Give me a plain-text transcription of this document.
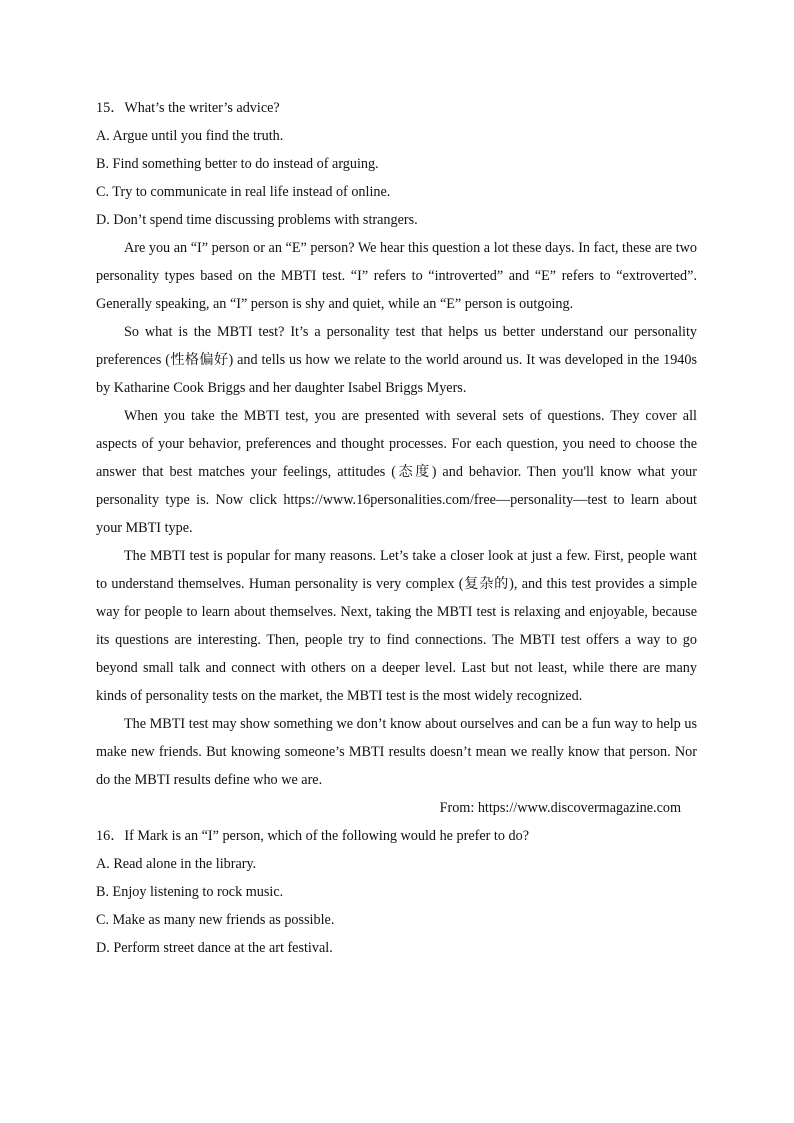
15．What’s the writer’s advice?
A. Argue until you find the truth.
B. Find something better to do instead of arguing.
C. Try to communicate in real life instead of online.
D. Don’t spend time discussing problems with strangers.

Are you an “I” person or an “E” person? We hear this question a lot these days. In fact, these are two personality types based on the MBTI test. “I” refers to “introverted” and “E” refers to “extroverted”. Generally speaking, an “I” person is shy and quiet, while an “E” person is outgoing.

So what is the MBTI test? It’s a personality test that helps us better understand our personality preferences (性格偏好) and tells us how we relate to the world around us. It was developed in the 1940s by Katharine Cook Briggs and her daughter Isabel Briggs Myers.

When you take the MBTI test, you are presented with several sets of questions. They cover all aspects of your behavior, preferences and thought processes. For each question, you need to choose the answer that best matches your feelings, attitudes (态度) and behavior. Then you'll know what your personality type is. Now click https://www.16personalities.com/free—personality—test to learn about your MBTI type.

The MBTI test is popular for many reasons. Let’s take a closer look at just a few. First, people want to understand themselves. Human personality is very complex (复杂的), and this test provides a simple way for people to learn about themselves. Next, taking the MBTI test is relaxing and enjoyable, because its questions are interesting. Then, people try to find connections. The MBTI test offers a way to go beyond small talk and connect with others on a deeper level. Last but not least, while there are many kinds of personality tests on the market, the MBTI test is the most widely recognized.

The MBTI test may show something we don’t know about ourselves and can be a fun way to help us make new friends. But knowing someone’s MBTI results doesn’t mean we really know that person. Nor do the MBTI results define who we are.

From: https://www.discovermagazine.com
16．If Mark is an “I” person, which of the following would he prefer to do?
A. Read alone in the library.
B. Enjoy listening to rock music.
C. Make as many new friends as possible.
D. Perform street dance at the art festival.
